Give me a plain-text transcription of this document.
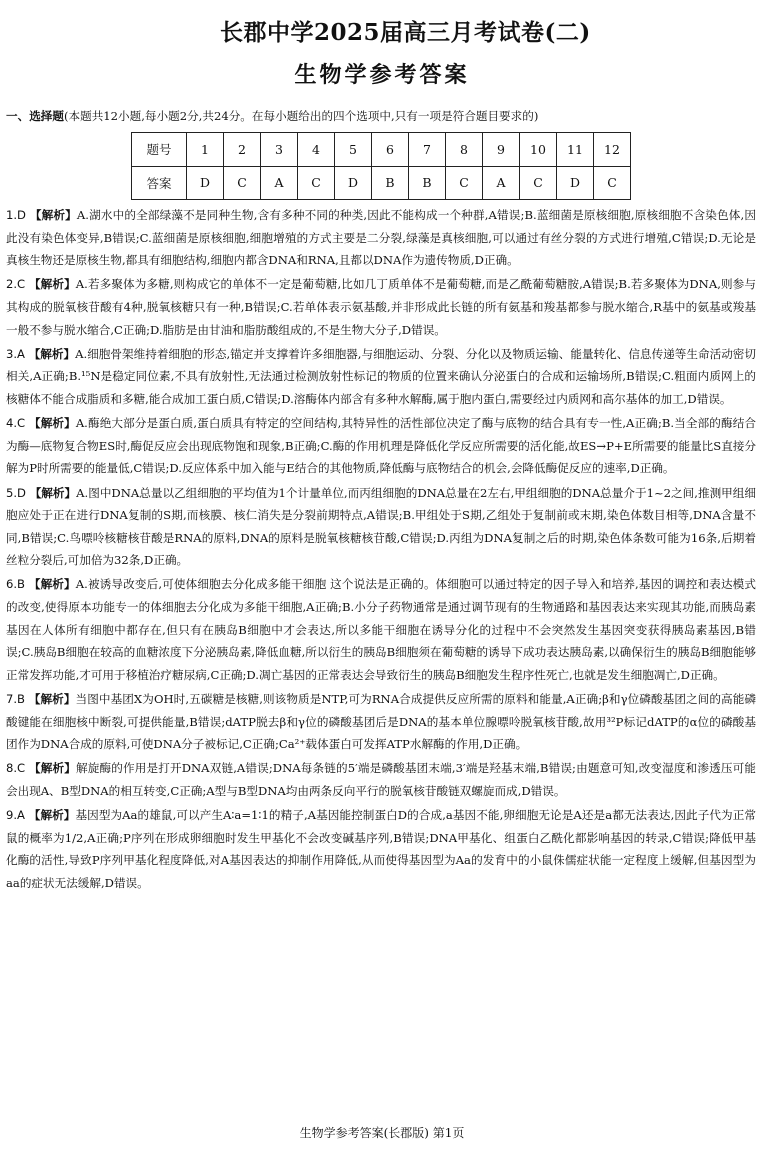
长郡中学2025届高三月考试卷(二)
生物学参考答案
一、选择题(本题共12小题,每小题2分,共24分。在每小题给出的四个选项中,只有一项是符合题目要求的)
题号	1	2	3	4	5	6	7	8	9	10	11	12
答案	D	C	A	C	D	B	B	C	A	C	D	C

1.D 【解析】A.湖水中的全部绿藻不是同种生物,含有多种不同的种类,因此不能构成一个种群,A错误;B.蓝细菌是原核细胞,原核细胞不含染色体,因此没有染色体变异,B错误;C.蓝细菌是原核细胞,细胞增殖的方式主要是二分裂,绿藻是真核细胞,可以通过有丝分裂的方式进行增殖,C错误;D.无论是真核生物还是原核生物,都具有细胞结构,细胞内都含DNA和RNA,且都以DNA作为遗传物质,D正确。

2.C 【解析】A.若多聚体为多糖,则构成它的单体不一定是葡萄糖,比如几丁质单体不是葡萄糖,而是乙酰葡萄糖胺,A错误;B.若多聚体为DNA,则参与其构成的脱氧核苷酸有4种,脱氧核糖只有一种,B错误;C.若单体表示氨基酸,并非形成此长链的所有氨基和羧基都参与脱水缩合,R基中的氨基或羧基一般不参与脱水缩合,C正确;D.脂肪是由甘油和脂肪酸组成的,不是生物大分子,D错误。

3.A 【解析】A.细胞骨架维持着细胞的形态,锚定并支撑着许多细胞器,与细胞运动、分裂、分化以及物质运输、能量转化、信息传递等生命活动密切相关,A正确;B.¹⁵N是稳定同位素,不具有放射性,无法通过检测放射性标记的物质的位置来确认分泌蛋白的合成和运输场所,B错误;C.粗面内质网上的核糖体不能合成脂质和多糖,能合成加工蛋白质,C错误;D.溶酶体内部含有多种水解酶,属于胞内蛋白,需要经过内质网和高尔基体的加工,D错误。

4.C 【解析】A.酶绝大部分是蛋白质,蛋白质具有特定的空间结构,其特异性的活性部位决定了酶与底物的结合具有专一性,A正确;B.当全部的酶结合为酶—底物复合物ES时,酶促反应会出现底物饱和现象,B正确;C.酶的作用机理是降低化学反应所需要的活化能,故ES→P+E所需要的能量比S直接分解为P时所需要的能量低,C错误;D.反应体系中加入能与E结合的其他物质,降低酶与底物结合的机会,会降低酶促反应的速率,D正确。

5.D 【解析】A.图中DNA总量以乙组细胞的平均值为1个计量单位,而丙组细胞的DNA总量在2左右,甲组细胞的DNA总量介于1~2之间,推测甲组细胞应处于正在进行DNA复制的S期,而核膜、核仁消失是分裂前期特点,A错误;B.甲组处于S期,乙组处于复制前或末期,染色体数目相等,DNA含量不同,B错误;C.鸟嘌呤核糖核苷酸是RNA的原料,DNA的原料是脱氧核糖核苷酸,C错误;D.丙组为DNA复制之后的时期,染色体条数可能为16条,后期着丝粒分裂后,可加倍为32条,D正确。

6.B 【解析】A.被诱导改变后,可使体细胞去分化成多能干细胞 这个说法是正确的。体细胞可以通过特定的因子导入和培养,基因的调控和表达模式的改变,使得原本功能专一的体细胞去分化成为多能干细胞,A正确;B.小分子药物通常是通过调节现有的生物通路和基因表达来实现其功能,而胰岛素基因在人体所有细胞中都存在,但只有在胰岛B细胞中才会表达,所以多能干细胞在诱导分化的过程中不会突然发生基因突变获得胰岛素基因,B错误;C.胰岛B细胞在较高的血糖浓度下分泌胰岛素,降低血糖,所以衍生的胰岛B细胞须在葡萄糖的诱导下成功表达胰岛素,以确保衍生的胰岛B细胞能够正常发挥功能,才可用于移植治疗糖尿病,C正确;D.凋亡基因的正常表达会导致衍生的胰岛B细胞发生程序性死亡,也就是发生细胞凋亡,D正确。

7.B 【解析】当图中基团X为OH时,五碳糖是核糖,则该物质是NTP,可为RNA合成提供反应所需的原料和能量,A正确;β和γ位磷酸基团之间的高能磷酸键能在细胞核中断裂,可提供能量,B错误;dATP脱去β和γ位的磷酸基团后是DNA的基本单位腺嘌呤脱氧核苷酸,故用³²P标记dATP的α位的磷酸基团作为DNA合成的原料,可使DNA分子被标记,C正确;Ca²⁺载体蛋白可发挥ATP水解酶的作用,D正确。

8.C 【解析】解旋酶的作用是打开DNA双链,A错误;DNA每条链的5′端是磷酸基团末端,3′端是羟基末端,B错误;由题意可知,改变湿度和渗透压可能会出现A、B型DNA的相互转变,C正确;A型与B型DNA均由两条反向平行的脱氧核苷酸链双螺旋而成,D错误。

9.A 【解析】基因型为Aa的雄鼠,可以产生A∶a=1∶1的精子,A基因能控制蛋白D的合成,a基因不能,卵细胞无论是A还是a都无法表达,因此子代为正常鼠的概率为1/2,A正确;P序列在形成卵细胞时发生甲基化不会改变碱基序列,B错误;DNA甲基化、组蛋白乙酰化都影响基因的转录,C错误;降低甲基化酶的活性,导致P序列甲基化程度降低,对A基因表达的抑制作用降低,从而使得基因型为Aa的发育中的小鼠侏儒症状能一定程度上缓解,但基因型为aa的症状无法缓解,D错误。

生物学参考答案(长郡版) 第1页
